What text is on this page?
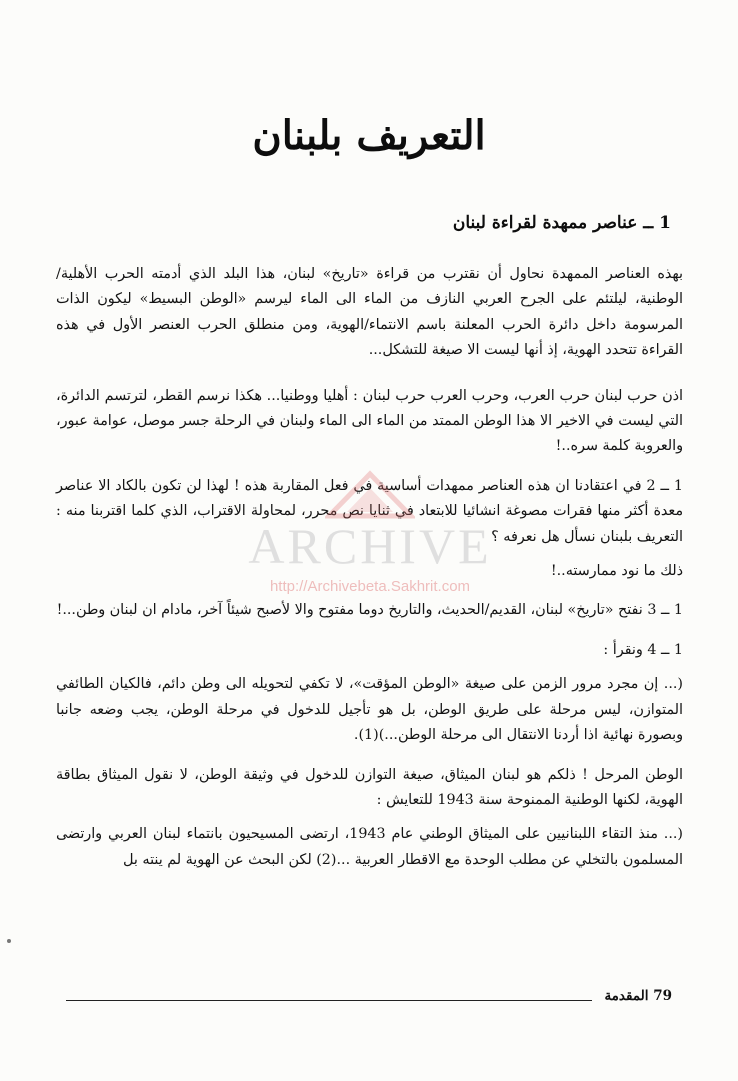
التعريف بلبنان
1 ــ عناصر ممهدة لقراءة لبنان

بهذه العناصر الممهدة نحاول أن نقترب من قراءة «تاريخ» لبنان، هذا البلد الذي أدمته الحرب الأهلية/الوطنية، ليلتئم على الجرح العربي النازف من الماء الى الماء ليرسم «الوطن البسيط» ليكون الذات المرسومة داخل دائرة الحرب المعلنة باسم الانتماء/الهوية، ومن منطلق الحرب العنصر الأول في هذه القراءة تتحدد الهوية، إذ أنها ليست الا صيغة للتشكل...

اذن حرب لبنان حرب العرب، وحرب العرب حرب لبنان : أهليا ووطنيا... هكذا نرسم القطر، لترتسم الدائرة، التي ليست في الاخير الا هذا الوطن الممتد من الماء الى الماء ولبنان في الرحلة جسر موصل، عوامة عبور، والعروبة كلمة سره..!

1 ــ 2 في اعتقادنا ان هذه العناصر ممهدات أساسية في فعل المقاربة هذه ! لهذا لن تكون بالكاد الا عناصر معدة أكثر منها فقرات مصوغة انشائيا للابتعاد في ثنايا نص محرر، لمحاولة الاقتراب، الذي كلما اقتربنا منه : التعريف بلبنان نسأل هل نعرفه ؟

ذلك ما نود ممارسته..!

1 ــ 3 نفتح «تاريخ» لبنان، القديم/الحديث، والتاريخ دوما مفتوح والا لأصبح شيئاً آخر، مادام ان لبنان وطن...!

1 ــ 4 ونقرأ :

(... إن مجرد مرور الزمن على صيغة «الوطن المؤقت»، لا تكفي لتحويله الى وطن دائم، فالكيان الطائفي المتوازن، ليس مرحلة على طريق الوطن، بل هو تأجيل للدخول في مرحلة الوطن، يجب وضعه جانبا وبصورة نهائية اذا أردنا الانتقال الى مرحلة الوطن...)(1).

الوطن المرحل ! ذلكم هو لبنان الميثاق، صيغة التوازن للدخول في وثيقة الوطن، لا نقول الميثاق بطاقة الهوية، لكنها الوطنية الممنوحة سنة 1943 للتعايش :

(... منذ التقاء اللبنانيين على الميثاق الوطني عام 1943، ارتضى المسيحيون بانتماء لبنان العربي وارتضى المسلمون بالتخلي عن مطلب الوحدة مع الاقطار العربية ...(2) لكن البحث عن الهوية لم ينته بل

ARCHIVE
http://Archivebeta.Sakhrit.com
79 المقدمة
